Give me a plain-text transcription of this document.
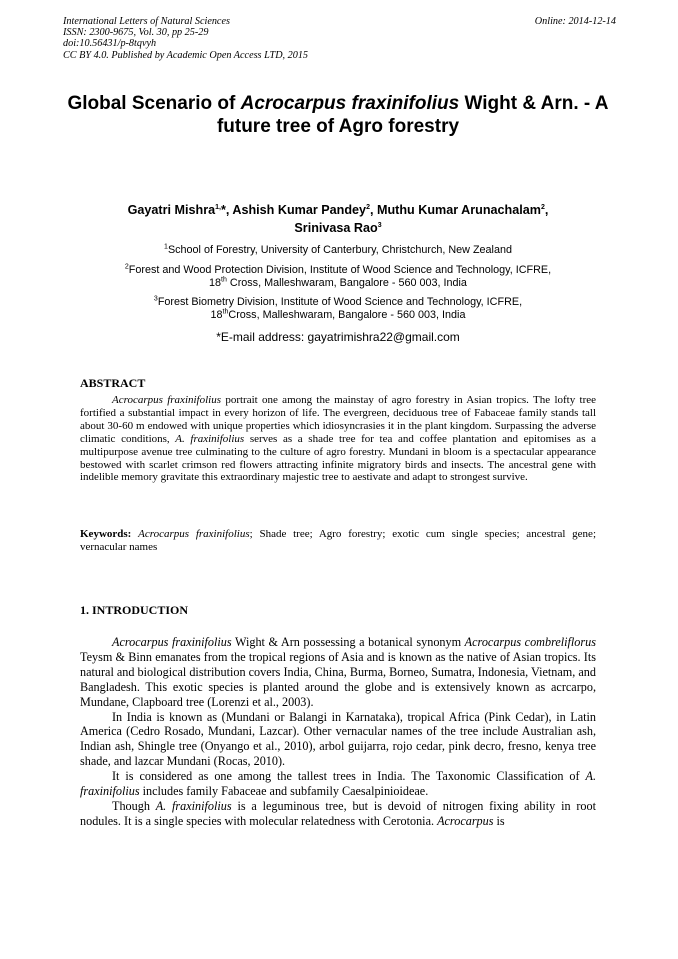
International Letters of Natural Sciences
ISSN: 2300-9675, Vol. 30, pp 25-29
doi:10.56431/p-8tqvyh
CC BY 4.0. Published by Academic Open Access LTD, 2015
Online: 2014-12-14
Global Scenario of Acrocarpus fraxinifolius Wight & Arn. - A future tree of Agro forestry
Gayatri Mishra$^{1,}$*, Ashish Kumar Pandey$^2$, Muthu Kumar Arunachalam$^2$,
Srinivasa Rao$^3$
$^1$School of Forestry, University of Canterbury, Christchurch, New Zealand
$^2$Forest and Wood Protection Division, Institute of Wood Science and Technology, ICFRE,
18th Cross, Malleshwaram, Bangalore - 560 003, India
$^3$Forest Biometry Division, Institute of Wood Science and Technology, ICFRE,
18thCross, Malleshwaram, Bangalore - 560 003, India
*E-mail address: gayatrimishra22@gmail.com
ABSTRACT

Acrocarpus fraxinifolius portrait one among the mainstay of agro forestry in Asian tropics. The lofty tree fortified a substantial impact in every horizon of life. The evergreen, deciduous tree of Fabaceae family stands tall about 30-60 m endowed with unique properties which idiosyncrasies it in the plant kingdom. Surpassing the adverse climatic conditions, A. fraxinifolius serves as a shade tree for tea and coffee plantation and epitomises as a multipurpose avenue tree culminating to the culture of agro forestry. Mundani in bloom is a spectacular appearance bestowed with scarlet crimson red flowers attracting infinite migratory birds and insects. The ancestral gene with indelible memory gravitate this extraordinary majestic tree to aestivate and adapt to strongest survive.

Keywords: Acrocarpus fraxinifolius; Shade tree; Agro forestry; exotic cum single species; ancestral gene; vernacular names

1. INTRODUCTION

Acrocarpus fraxinifolius Wight & Arn possessing a botanical synonym Acrocarpus combreliflorus Teysm & Binn emanates from the tropical regions of Asia and is known as the native of Asian tropics. Its natural and biological distribution covers India, China, Burma, Borneo, Sumatra, Indonesia, Vietnam, and Bangladesh. This exotic species is planted around the globe and is extensively known as acrcarpo, Mundane, Clapboard tree (Lorenzi et al., 2003).

In India is known as (Mundani or Balangi in Karnataka), tropical Africa (Pink Cedar), in Latin America (Cedro Rosado, Mundani, Lazcar). Other vernacular names of the tree include Australian ash, Indian ash, Shingle tree (Onyango et al., 2010), arbol guijarra, rojo cedar, pink decro, fresno, kenya tree shade, and lazcar Mundani (Rocas, 2010).

It is considered as one among the tallest trees in India. The Taxonomic Classification of A. fraxinifolius includes family Fabaceae and subfamily Caesalpinioideae.

Though A. fraxinifolius is a leguminous tree, but is devoid of nitrogen fixing ability in root nodules. It is a single species with molecular relatedness with Cerotonia. Acrocarpus is
